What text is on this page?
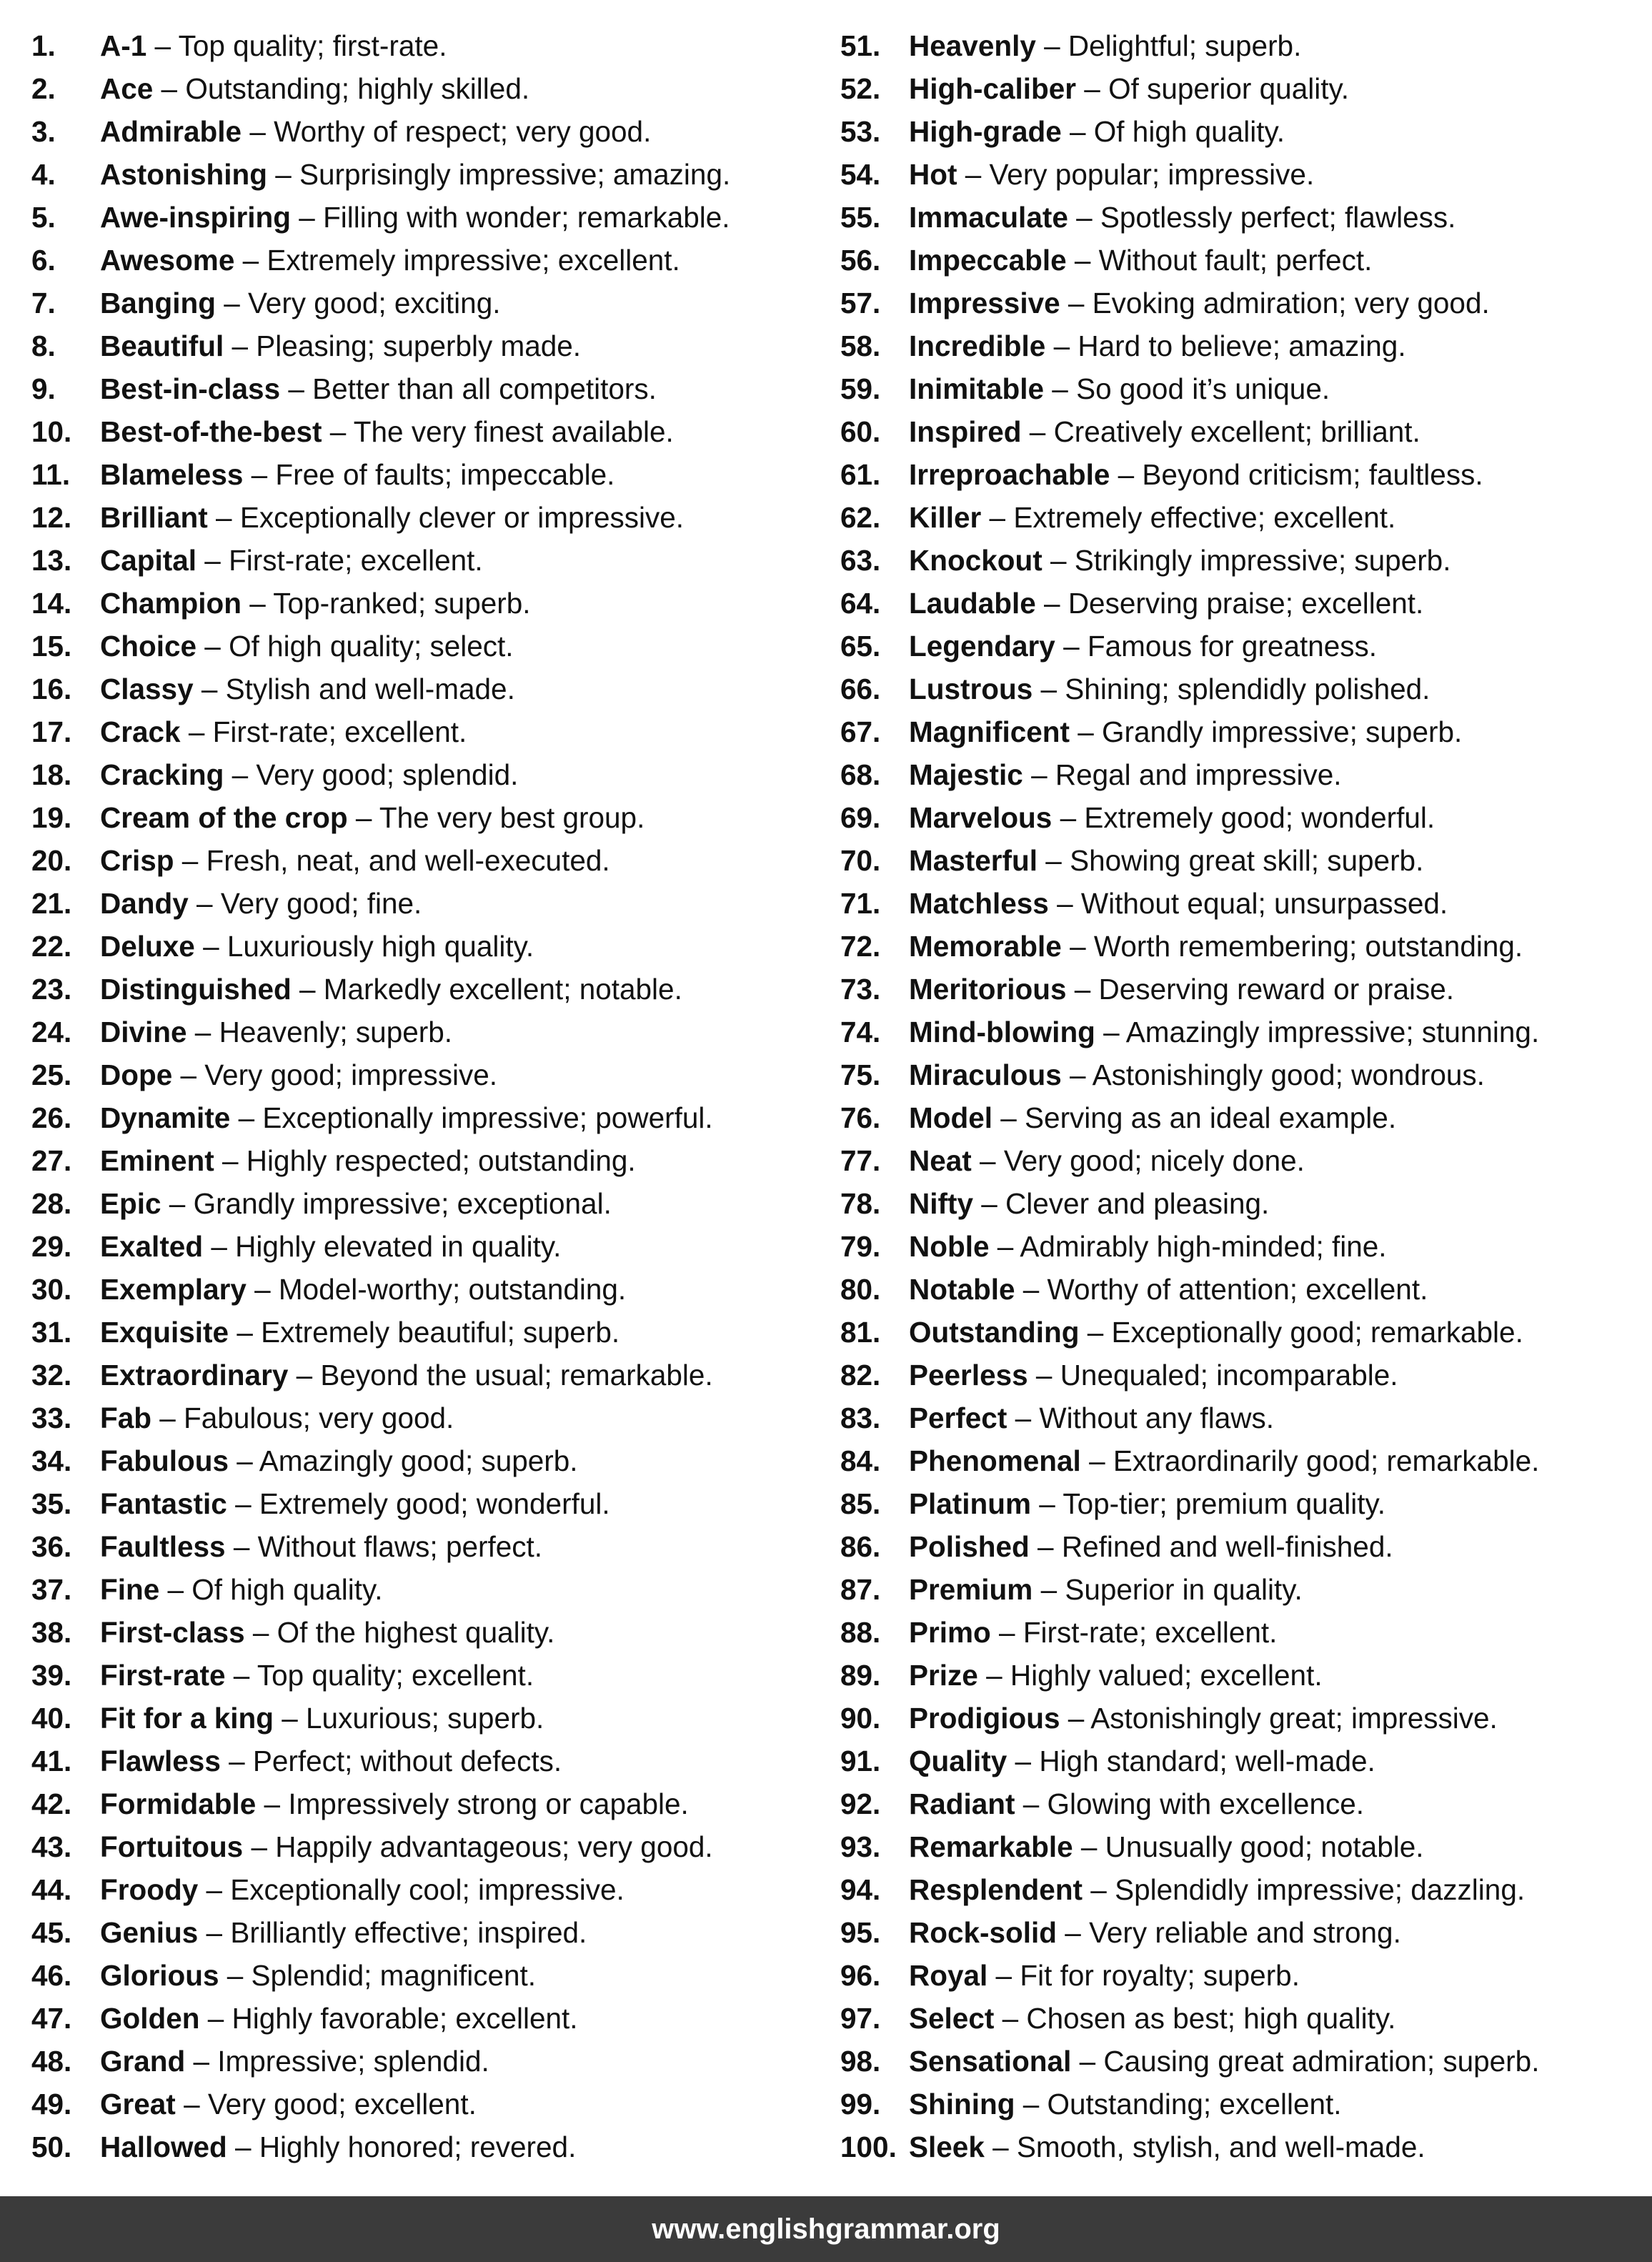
1. A-1 – Top quality; first-rate.
2. Ace – Outstanding; highly skilled.
3. Admirable – Worthy of respect; very good.
4. Astonishing – Surprisingly impressive; amazing.
5. Awe-inspiring – Filling with wonder; remarkable.
6. Awesome – Extremely impressive; excellent.
7. Banging – Very good; exciting.
8. Beautiful – Pleasing; superbly made.
9. Best-in-class – Better than all competitors.
10. Best-of-the-best – The very finest available.
11. Blameless – Free of faults; impeccable.
12. Brilliant – Exceptionally clever or impressive.
13. Capital – First-rate; excellent.
14. Champion – Top-ranked; superb.
15. Choice – Of high quality; select.
16. Classy – Stylish and well-made.
17. Crack – First-rate; excellent.
18. Cracking – Very good; splendid.
19. Cream of the crop – The very best group.
20. Crisp – Fresh, neat, and well-executed.
21. Dandy – Very good; fine.
22. Deluxe – Luxuriously high quality.
23. Distinguished – Markedly excellent; notable.
24. Divine – Heavenly; superb.
25. Dope – Very good; impressive.
26. Dynamite – Exceptionally impressive; powerful.
27. Eminent – Highly respected; outstanding.
28. Epic – Grandly impressive; exceptional.
29. Exalted – Highly elevated in quality.
30. Exemplary – Model-worthy; outstanding.
31. Exquisite – Extremely beautiful; superb.
32. Extraordinary – Beyond the usual; remarkable.
33. Fab – Fabulous; very good.
34. Fabulous – Amazingly good; superb.
35. Fantastic – Extremely good; wonderful.
36. Faultless – Without flaws; perfect.
37. Fine – Of high quality.
38. First-class – Of the highest quality.
39. First-rate – Top quality; excellent.
40. Fit for a king – Luxurious; superb.
41. Flawless – Perfect; without defects.
42. Formidable – Impressively strong or capable.
43. Fortuitous – Happily advantageous; very good.
44. Froody – Exceptionally cool; impressive.
45. Genius – Brilliantly effective; inspired.
46. Glorious – Splendid; magnificent.
47. Golden – Highly favorable; excellent.
48. Grand – Impressive; splendid.
49. Great – Very good; excellent.
50. Hallowed – Highly honored; revered.
51. Heavenly – Delightful; superb.
52. High-caliber – Of superior quality.
53. High-grade – Of high quality.
54. Hot – Very popular; impressive.
55. Immaculate – Spotlessly perfect; flawless.
56. Impeccable – Without fault; perfect.
57. Impressive – Evoking admiration; very good.
58. Incredible – Hard to believe; amazing.
59. Inimitable – So good it’s unique.
60. Inspired – Creatively excellent; brilliant.
61. Irreproachable – Beyond criticism; faultless.
62. Killer – Extremely effective; excellent.
63. Knockout – Strikingly impressive; superb.
64. Laudable – Deserving praise; excellent.
65. Legendary – Famous for greatness.
66. Lustrous – Shining; splendidly polished.
67. Magnificent – Grandly impressive; superb.
68. Majestic – Regal and impressive.
69. Marvelous – Extremely good; wonderful.
70. Masterful – Showing great skill; superb.
71. Matchless – Without equal; unsurpassed.
72. Memorable – Worth remembering; outstanding.
73. Meritorious – Deserving reward or praise.
74. Mind-blowing – Amazingly impressive; stunning.
75. Miraculous – Astonishingly good; wondrous.
76. Model – Serving as an ideal example.
77. Neat – Very good; nicely done.
78. Nifty – Clever and pleasing.
79. Noble – Admirably high-minded; fine.
80. Notable – Worthy of attention; excellent.
81. Outstanding – Exceptionally good; remarkable.
82. Peerless – Unequaled; incomparable.
83. Perfect – Without any flaws.
84. Phenomenal – Extraordinarily good; remarkable.
85. Platinum – Top-tier; premium quality.
86. Polished – Refined and well-finished.
87. Premium – Superior in quality.
88. Primo – First-rate; excellent.
89. Prize – Highly valued; excellent.
90. Prodigious – Astonishingly great; impressive.
91. Quality – High standard; well-made.
92. Radiant – Glowing with excellence.
93. Remarkable – Unusually good; notable.
94. Resplendent – Splendidly impressive; dazzling.
95. Rock-solid – Very reliable and strong.
96. Royal – Fit for royalty; superb.
97. Select – Chosen as best; high quality.
98. Sensational – Causing great admiration; superb.
99. Shining – Outstanding; excellent.
100. Sleek – Smooth, stylish, and well-made.
www.englishgrammar.org
